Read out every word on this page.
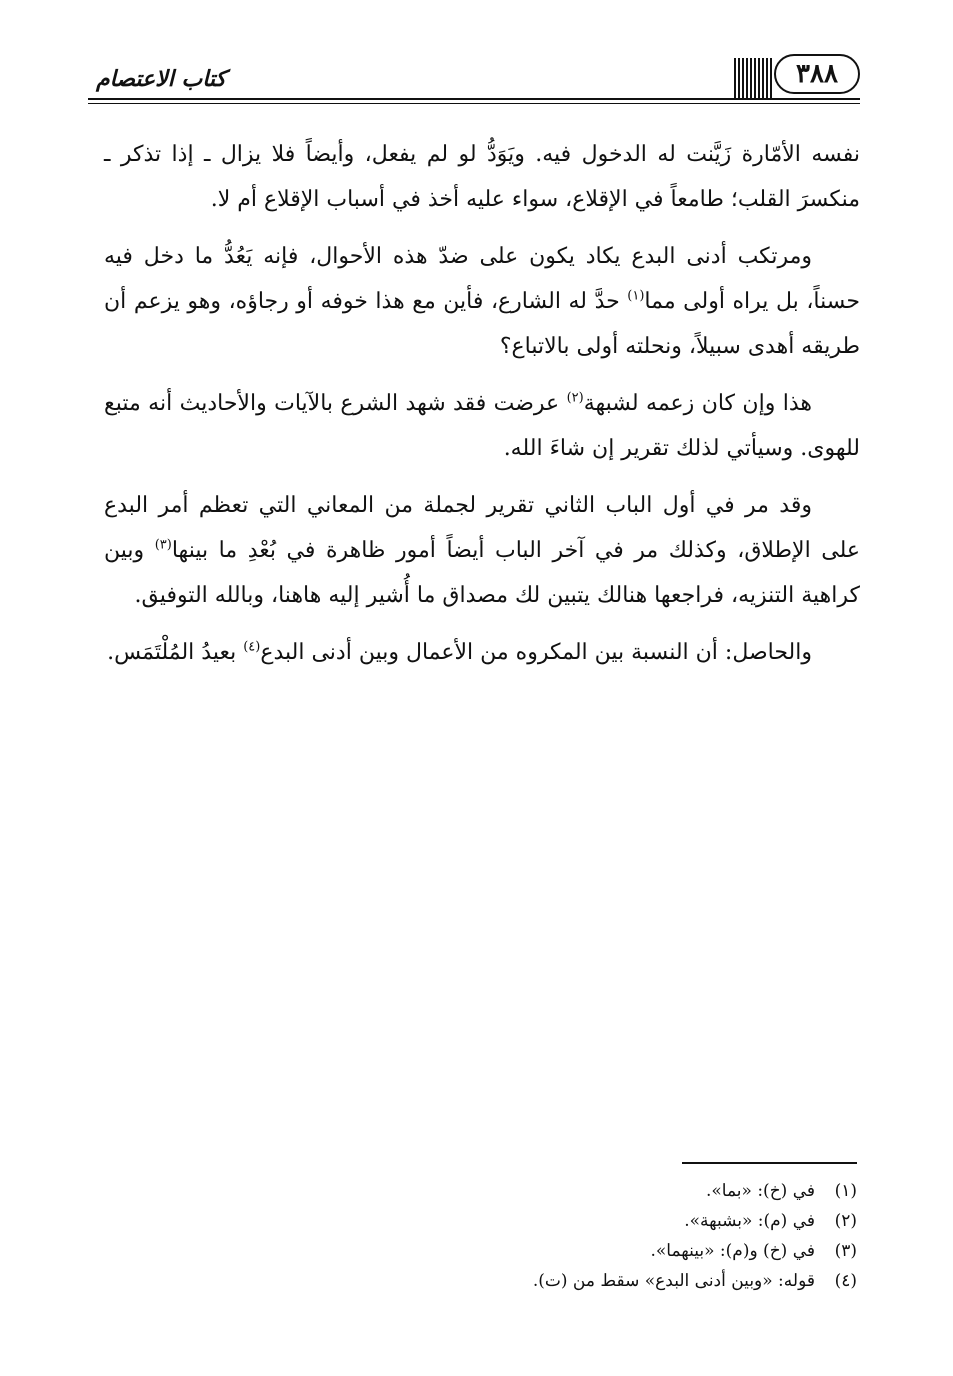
كتاب الاعتصام	٣٨٨

نفسه الأمّارة زَيَّنت له الدخول فيه. ويَوَدُّ لو لم يفعل، وأيضاً فلا يزال ـ إذا تذكر ـ منكسرَ القلب؛ طامعاً في الإقلاع، سواء عليه أخذ في أسباب الإقلاع أم لا.

ومرتكب أدنى البدع يكاد يكون على ضدّ هذه الأحوال، فإنه يَعُدُّ ما دخل فيه حسناً، بل يراه أولى مما$^{(١)}$ حدَّ له الشارع، فأين مع هذا خوفه أو رجاؤه، وهو يزعم أن طريقه أهدى سبيلاً، ونحلته أولى بالاتباع؟

هذا وإن كان زعمه لشبهة$^{(٢)}$ عرضت فقد شهد الشرع بالآيات والأحاديث أنه متبع للهوى. وسيأتي لذلك تقرير إن شاءَ الله.

وقد مر في أول الباب الثاني تقرير لجملة من المعاني التي تعظم أمر البدع على الإطلاق، وكذلك مر في آخر الباب أيضاً أمور ظاهرة في بُعْدِ ما بينها$^{(٣)}$ وبين كراهية التنزيه، فراجعها هنالك يتبين لك مصداق ما أُشير إليه هاهنا، وبالله التوفيق.

والحاصل: أن النسبة بين المكروه من الأعمال وبين أدنى البدع$^{(٤)}$ بعيدُ المُلْتَمَس.

(١)
في (خ): «بما».
(٢)
في (م): «بشبهة».
(٣)
في (خ) و(م): «بينهما».
(٤)
قوله: «وبين أدنى البدع» سقط من (ت).
